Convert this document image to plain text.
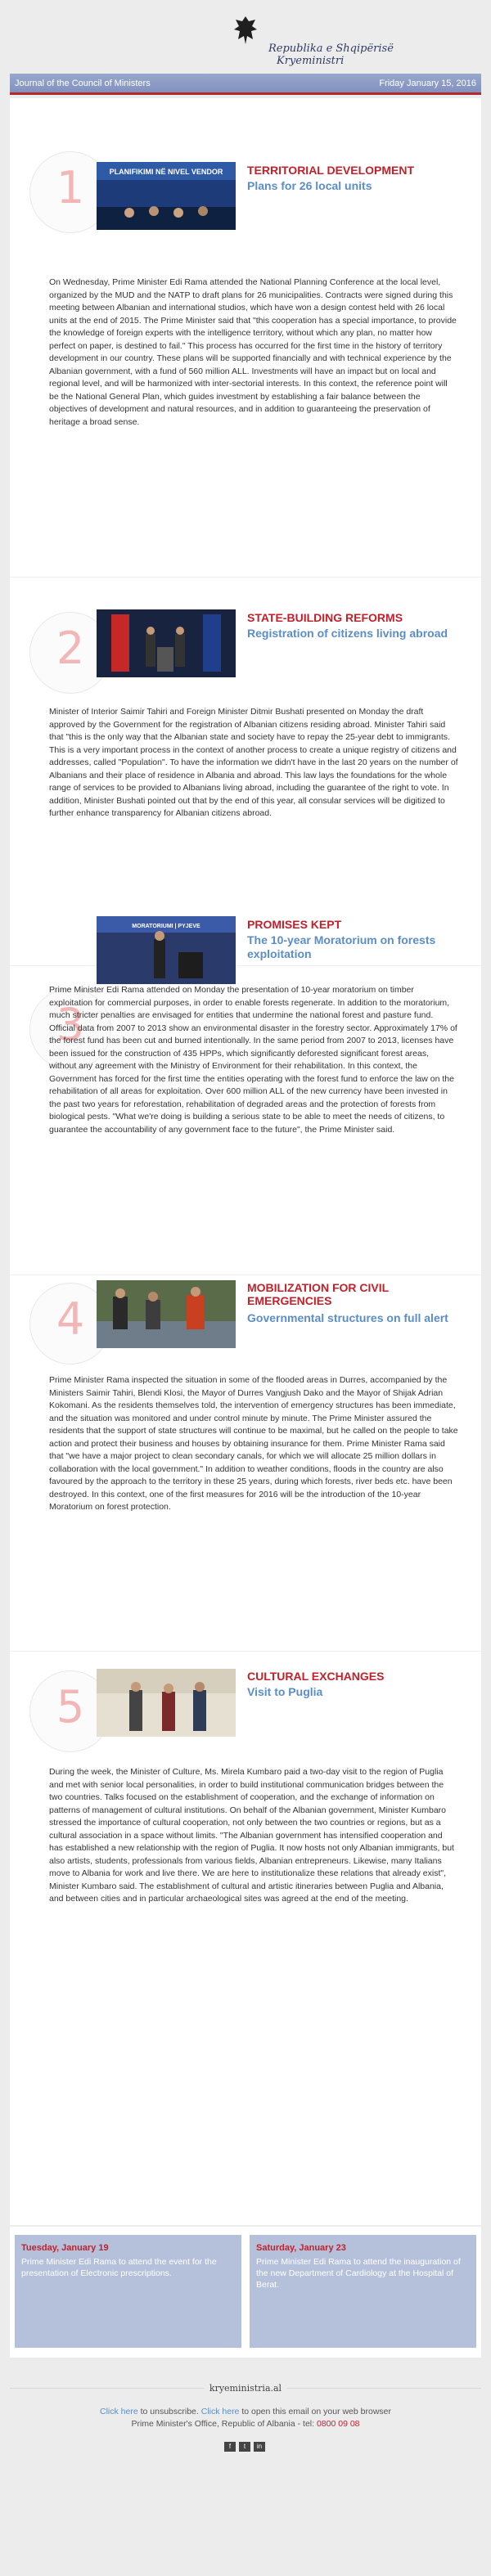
Republika e Shqipërisë
Kryeministri
Journal of the Council of Ministers	Friday January 15, 2016
1	PLANIFIKIMI NË NIVEL VENDOR TERRITORIAL DEVELOPMENT
Plans for 26 local units

On Wednesday, Prime Minister Edi Rama attended the National Planning Conference at the local level, organized by the MUD and the NATP to draft plans for 26 municipalities. Contracts were signed during this meeting between Albanian and international studios, which have won a design contest held with 26 local units at the end of 2015. The Prime Minister said that "this cooperation has a special importance, to provide the knowledge of foreign experts with the intelligence territory, without which any plan, no matter how perfect on paper, is destined to fail." This process has occurred for the first time in the history of territory development in our country. These plans will be supported financially and with technical experience by the Albanian government, with a fund of 560 million ALL. Investments will have an impact but on local and regional level, and will be harmonized with inter-sectorial interests. In this context, the reference point will be the National General Plan, which guides investment by establishing a fair balance between the objectives of development and natural resources, and in addition to guaranteeing the preservation of heritage a broad sense.

2
STATE-BUILDING REFORMS
Registration of citizens living abroad

Minister of Interior Saimir Tahiri and Foreign Minister Ditmir Bushati presented on Monday the draft approved by the Government for the registration of Albanian citizens residing abroad. Minister Tahiri said that "this is the only way that the Albanian state and society have to repay the 25-year debt to immigrants. This is a very important process in the context of another process to create a unique registry of citizens and addresses, called "Population". To have the information we didn't have in the last 20 years on the number of Albanians and their place of residence in Albania and abroad. This law lays the foundations for the whole range of services to be provided to Albanians living abroad, including the guarantee of the right to vote. In addition, Minister Bushati pointed out that by the end of this year, all consular services will be digitized to further enhance transparency for Albanian citizens abroad.

3
MORATORIUMI | PYJEVE	PROMISES KEPT
The 10-year Moratorium on forests exploitation

Prime Minister Edi Rama attended on Monday the presentation of 10-year moratorium on timber exploitation for commercial purposes, in order to enable forests regenerate. In addition to the moratorium, much stricter penalties are envisaged for entities that undermine the national forest and pasture fund. Official data from 2007 to 2013 show an environmental disaster in the forestry sector. Approximately 17% of the forest fund has been cut and burned intentionally. In the same period from 2007 to 2013, licenses have been issued for the construction of 435 HPPs, which significantly deforested significant forest areas, without any agreement with the Ministry of Environment for their rehabilitation. In this context, the Government has forced for the first time the entities operating with the forest fund to enforce the law on the rehabilitation of all areas for exploitation. Over 600 million ALL of the new currency have been invested in the past two years for reforestation, rehabilitation of degraded areas and the protection of forests from biological pests. "What we're doing is building a serious state to be able to meet the needs of citizens, to guarantee the accountability of any government face to the future", the Prime Minister said.

4
MOBILIZATION FOR CIVIL EMERGENCIES
Governmental structures on full alert

Prime Minister Rama inspected the situation in some of the flooded areas in Durres, accompanied by the Ministers Saimir Tahiri, Blendi Klosi, the Mayor of Durres Vangjush Dako and the Mayor of Shijak Adrian Kokomani. As the residents themselves told, the intervention of emergency structures has been immediate, and the situation was monitored and under control minute by minute. The Prime Minister assured the residents that the support of state structures will continue to be maximal, but he called on the people to take action and protect their business and houses by obtaining insurance for them. Prime Minister Rama said that "we have a major project to clean secondary canals, for which we will allocate 25 million dollars in collaboration with the local government." In addition to weather conditions, floods in the country are also favoured by the approach to the territory in these 25 years, during which forests, river beds etc. have been destroyed. In this context, one of the first measures for 2016 will be the introduction of the 10-year Moratorium on forest protection.

5
CULTURAL EXCHANGES
Visit to Puglia

During the week, the Minister of Culture, Ms. Mirela Kumbaro paid a two-day visit to the region of Puglia and met with senior local personalities, in order to build institutional communication bridges between the two countries. Talks focused on the establishment of cooperation, and the exchange of information on patterns of management of cultural institutions. On behalf of the Albanian government, Minister Kumbaro stressed the importance of cultural cooperation, not only between the two countries or regions, but as a cultural association in a space without limits. "The Albanian government has intensified cooperation and has established a new relationship with the region of Puglia. It now hosts not only Albanian immigrants, but also artists, students, professionals from various fields, Albanian entrepreneurs. Likewise, many Italians move to Albania for work and live there. We are here to institutionalize these relations that already exist", Minister Kumbaro said. The establishment of cultural and artistic itineraries between Puglia and Albania, and between cities and in particular archaeological sites was agreed at the end of the meeting.

Tuesday, January 19
Prime Minister Edi Rama to attend the event for the presentation of Electronic prescriptions.
Saturday, January 23
Prime Minister Edi Rama to attend the inauguration of the new Department of Cardiology at the Hospital of Berat.
kryeministria.al
Click here to unsubscribe. Click here to open this email on your web browser
Prime Minister's Office, Republic of Albania - tel: 0800 09 08
f t in
